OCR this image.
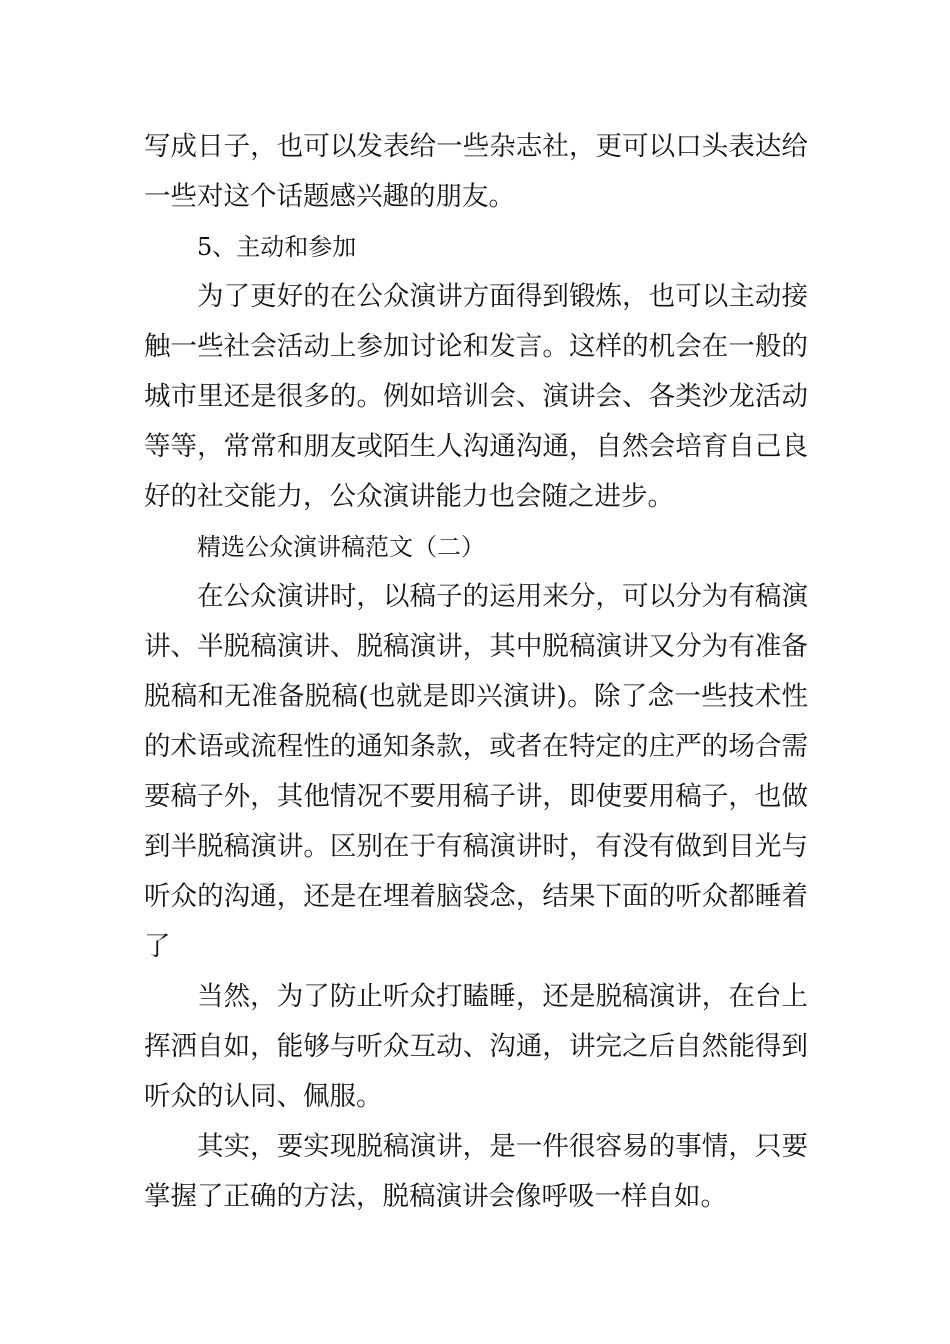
写成日子，也可以发表给一些杂志社，更可以口头表达给一些对这个话题感兴趣的朋友。

5、主动和参加

为了更好的在公众演讲方面得到锻炼，也可以主动接触一些社会活动上参加讨论和发言。这样的机会在一般的城市里还是很多的。例如培训会、演讲会、各类沙龙活动等等，常常和朋友或陌生人沟通沟通，自然会培育自己良好的社交能力，公众演讲能力也会随之进步。

精选公众演讲稿范文（二）

在公众演讲时，以稿子的运用来分，可以分为有稿演讲、半脱稿演讲、脱稿演讲，其中脱稿演讲又分为有准备脱稿和无准备脱稿(也就是即兴演讲)。除了念一些技术性的术语或流程性的通知条款，或者在特定的庄严的场合需要稿子外，其他情况不要用稿子讲，即使要用稿子，也做到半脱稿演讲。区别在于有稿演讲时，有没有做到目光与听众的沟通，还是在埋着脑袋念，结果下面的听众都睡着了

当然，为了防止听众打瞌睡，还是脱稿演讲，在台上挥洒自如，能够与听众互动、沟通，讲完之后自然能得到听众的认同、佩服。

其实，要实现脱稿演讲，是一件很容易的事情，只要掌握了正确的方法，脱稿演讲会像呼吸一样自如。
